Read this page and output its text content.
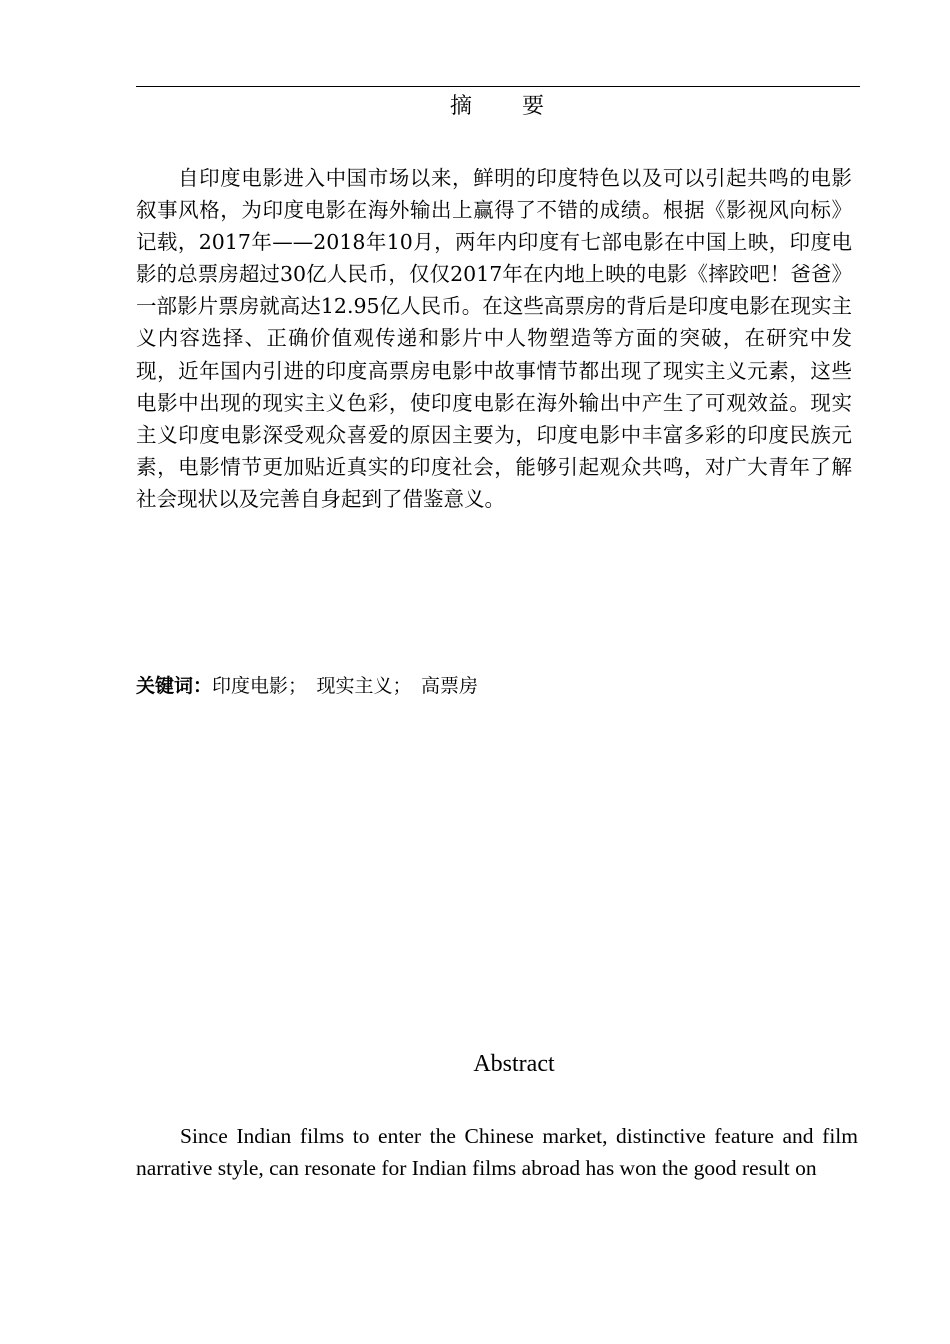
摘　　要

自印度电影进入中国市场以来，鲜明的印度特色以及可以引起共鸣的电影叙事风格，为印度电影在海外输出上赢得了不错的成绩。根据《影视风向标》记载，2017年——2018年10月，两年内印度有七部电影在中国上映，印度电影的总票房超过30亿人民币，仅仅2017年在内地上映的电影《摔跤吧！爸爸》一部影片票房就高达12.95亿人民币。在这些高票房的背后是印度电影在现实主义内容选择、正确价值观传递和影片中人物塑造等方面的突破，在研究中发现，近年国内引进的印度高票房电影中故事情节都出现了现实主义元素，这些电影中出现的现实主义色彩，使印度电影在海外输出中产生了可观效益。现实主义印度电影深受观众喜爱的原因主要为，印度电影中丰富多彩的印度民族元素，电影情节更加贴近真实的印度社会，能够引起观众共鸣，对广大青年了解社会现状以及完善自身起到了借鉴意义。

关键词：印度电影；　现实主义；　高票房
Abstract

Since Indian films to enter the Chinese market, distinctive feature and film narrative style, can resonate for Indian films abroad has won the good result on
